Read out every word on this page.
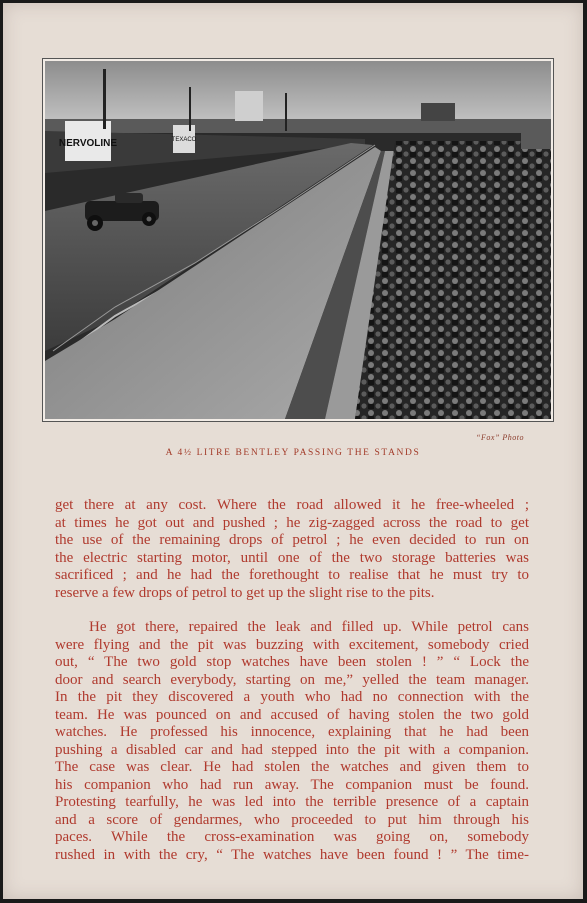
NERVOLINE	TEXACO
“Fox” Photo
A 4½ LITRE BENTLEY PASSING THE STANDS

get there at any cost. Where the road allowed it he free-wheeled ;
at times he got out and pushed ; he zig-zagged across the road to get
the use of the remaining drops of petrol ; he even decided to run on
the electric starting motor, until one of the two storage batteries was
sacrificed ; and he had the forethought to realise that he must try to
reserve a few drops of petrol to get up the slight rise to the pits.

He got there, repaired the leak and filled up. While petrol cans
were flying and the pit was buzzing with excitement, somebody cried
out, “ The two gold stop watches have been stolen ! ” “ Lock the
door and search everybody, starting on me,” yelled the team manager.
In the pit they discovered a youth who had no connection with the
team. He was pounced on and accused of having stolen the two gold
watches. He professed his innocence, explaining that he had been
pushing a disabled car and had stepped into the pit with a companion.
The case was clear. He had stolen the watches and given them to
his companion who had run away. The companion must be found.
Protesting tearfully, he was led into the terrible presence of a captain
and a score of gendarmes, who proceeded to put him through his
paces. While the cross-examination was going on, somebody
rushed in with the cry, “ The watches have been found ! ” The time-
